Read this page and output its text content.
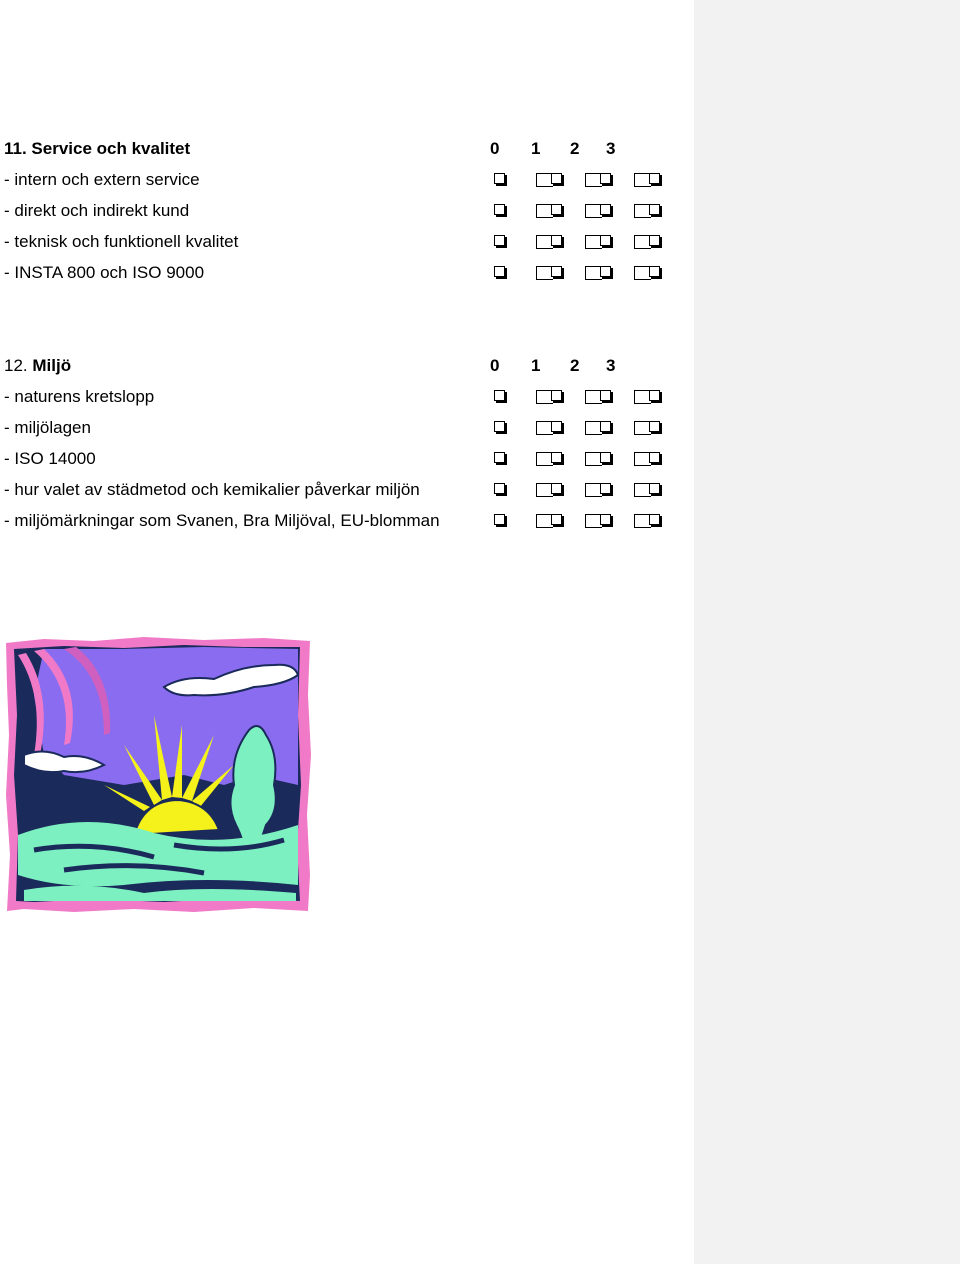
11. Service och kvalitet	0 1 2 3
- intern och extern service
- direkt och indirekt kund
- teknisk och funktionell kvalitet
- INSTA 800 och ISO 9000
12. Miljö	0 1 2 3
- naturens kretslopp
- miljölagen
- ISO 14000
- hur valet av städmetod och kemikalier påverkar miljön
- miljömärkningar som Svanen, Bra Miljöval, EU-blomman
